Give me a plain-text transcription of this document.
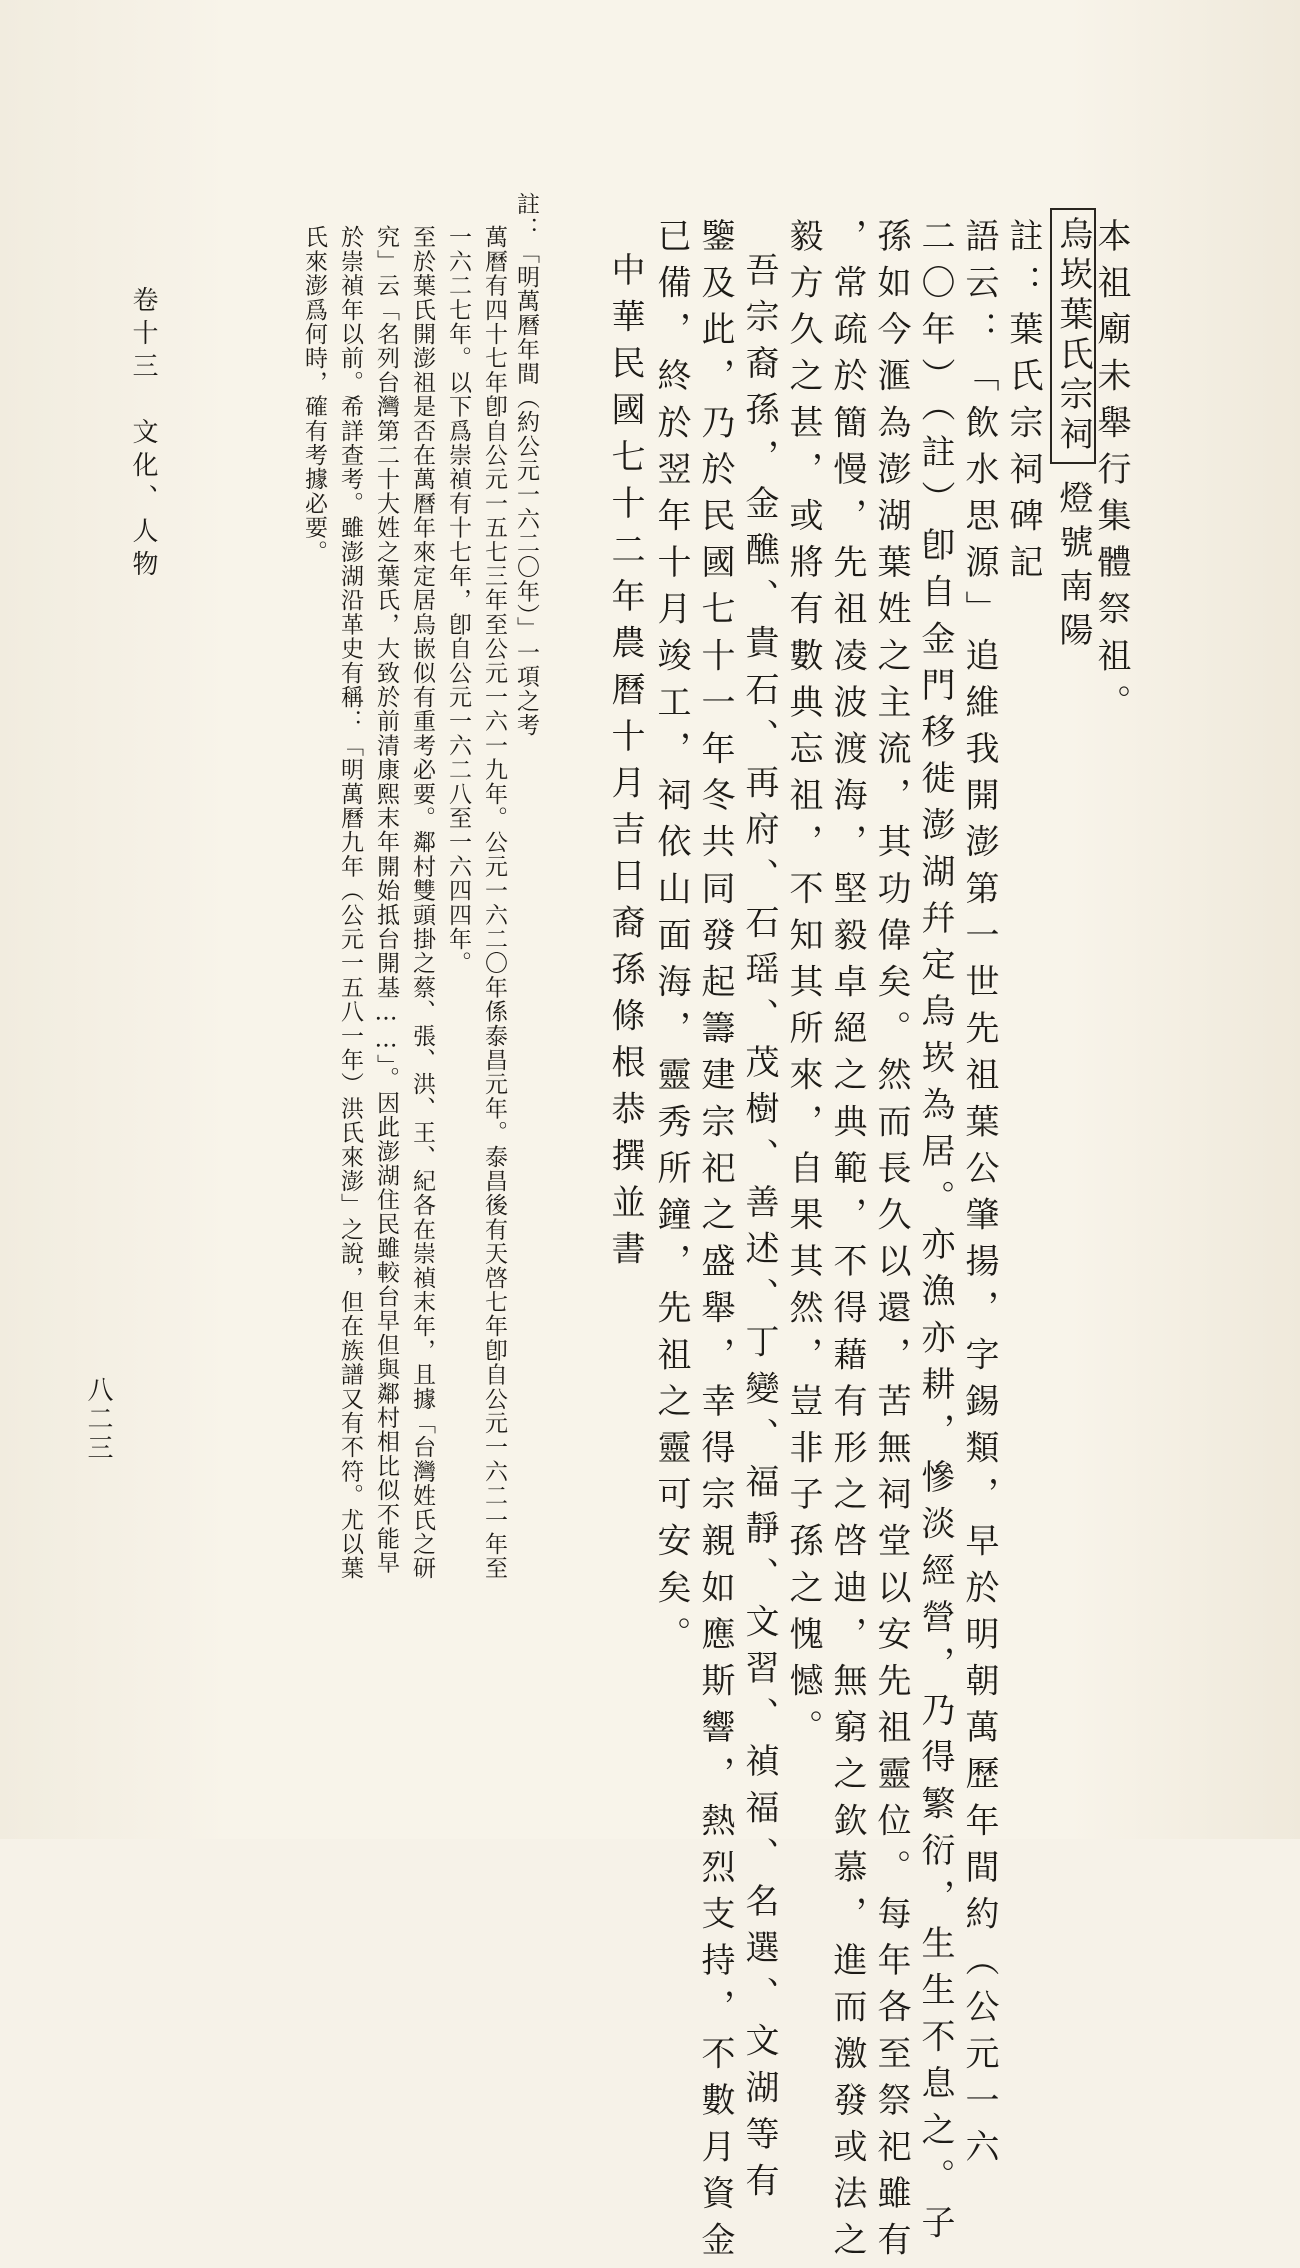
本祖廟未舉行集體祭祖。
烏崁葉氏宗祠燈號南陽
註：葉氏宗祠碑記
語云：「飲水思源」追維我開澎第一世先祖葉公肇揚，字錫類，早於明朝萬歷年間約（公元一六
二〇年）（註）卽自金門移徙澎湖幷定烏崁為居。亦漁亦耕，慘淡經營，乃得繁衍，生生不息之。子
孫如今滙為澎湖葉姓之主流，其功偉矣。然而長久以還，苦無祠堂以安先祖靈位。每年各至祭祀雖有
，常疏於簡慢，先祖凌波渡海，堅毅卓絕之典範，不得藉有形之啓迪，無窮之欽慕，進而激發或法之
毅方久之甚，或將有數典忘祖，不知其所來，自果其然，豈非子孫之愧憾。
吾宗裔孫，金醮、貴石、再府、石瑶、茂樹、善述、丁變、福靜、文習、禎福、名選、文湖等有
鑒及此，乃於民國七十一年冬共同發起籌建宗祀之盛舉，幸得宗親如應斯響，熱烈支持，不數月資金
已備，終於翌年十月竣工，祠依山面海，靈秀所鐘，先祖之靈可安矣。
中華民國七十二年農曆十月吉日裔孫條根恭撰並書
註：「明萬曆年間（約公元一六二〇年）」一項之考
萬曆有四十七年卽自公元一五七三年至公元一六一九年。公元一六二〇年係泰昌元年。泰昌後有天啓七年卽自公元一六二一年至
一六二七年。以下爲崇禎有十七年，卽自公元一六二八至一六四四年。
至於葉氏開澎祖是否在萬曆年來定居烏嵌似有重考必要。鄰村雙頭掛之蔡、張、洪、王、紀各在崇禎末年，且據「台灣姓氏之研
究」云「名列台灣第二十大姓之葉氏，大致於前清康熙末年開始抵台開基……」。因此澎湖住民雖較台早但與鄰村相比似不能早
於崇禎年以前。希詳查考。雖澎湖沿革史有稱：「明萬曆九年（公元一五八一年）洪氏來澎」之說，但在族譜又有不符。尤以葉
氏來澎爲何時，確有考據必要。
卷十三　文化、人物
八二三
